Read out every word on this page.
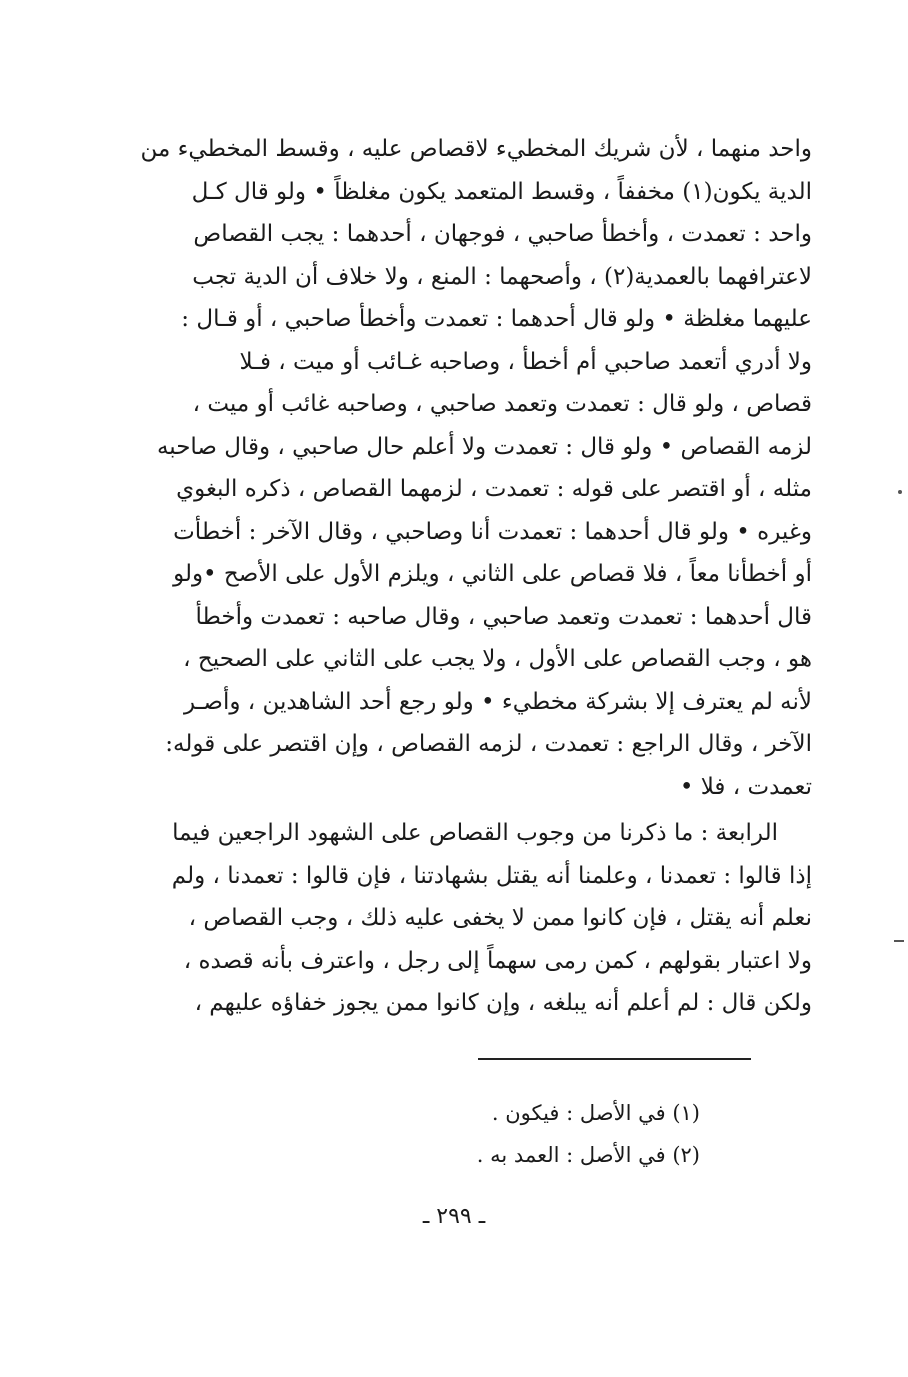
واحد منهما ، لأن شريك المخطيء لاقصاص عليه ، وقسط المخطيء من
الدية يكون(١) مخففاً ، وقسط المتعمد يكون مغلظاً • ولو قال كـل
واحد : تعمدت ، وأخطأ صاحبي ، فوجهان ، أحدهما : يجب القصاص
لاعترافهما بالعمدية(٢) ، وأصحهما : المنع ، ولا خلاف أن الدية تجب
عليهما مغلظة • ولو قال أحدهما : تعمدت وأخطأ صاحبي ، أو قـال :
ولا أدري أتعمد صاحبي أم أخطأ ، وصاحبه غـائب أو ميت ، فـلا
قصاص ، ولو قال : تعمدت وتعمد صاحبي ، وصاحبه غائب أو ميت ،
لزمه القصاص • ولو قال : تعمدت ولا أعلم حال صاحبي ، وقال صاحبه
مثله ، أو اقتصر على قوله : تعمدت ، لزمهما القصاص ، ذكره البغوي
وغيره • ولو قال أحدهما : تعمدت أنا وصاحبي ، وقال الآخر : أخطأت
أو أخطأنا معاً ، فلا قصاص على الثاني ، ويلزم الأول على الأصح •ولو
قال أحدهما : تعمدت وتعمد صاحبي ، وقال صاحبه : تعمدت وأخطأ
هو ، وجب القصاص على الأول ، ولا يجب على الثاني على الصحيح ،
لأنه لم يعترف إلا بشركة مخطيء • ولو رجع أحد الشاهدين ، وأصـر
الآخر ، وقال الراجع : تعمدت ، لزمه القصاص ، وإن اقتصر على قوله:
تعمدت ، فلا •
الرابعة : ما ذكرنا من وجوب القصاص على الشهود الراجعين فيما
إذا قالوا : تعمدنا ، وعلمنا أنه يقتل بشهادتنا ، فإن قالوا : تعمدنا ، ولم
نعلم أنه يقتل ، فإن كانوا ممن لا يخفى عليه ذلك ، وجب القصاص ،
ولا اعتبار بقولهم ، كمن رمى سهماً إلى رجل ، واعترف بأنه قصده ،
ولكن قال : لم أعلم أنه يبلغه ، وإن كانوا ممن يجوز خفاؤه عليهم ،
(١) في الأصل : فيكون .
(٢) في الأصل : العمد به .
ـ ٢٩٩ ـ
